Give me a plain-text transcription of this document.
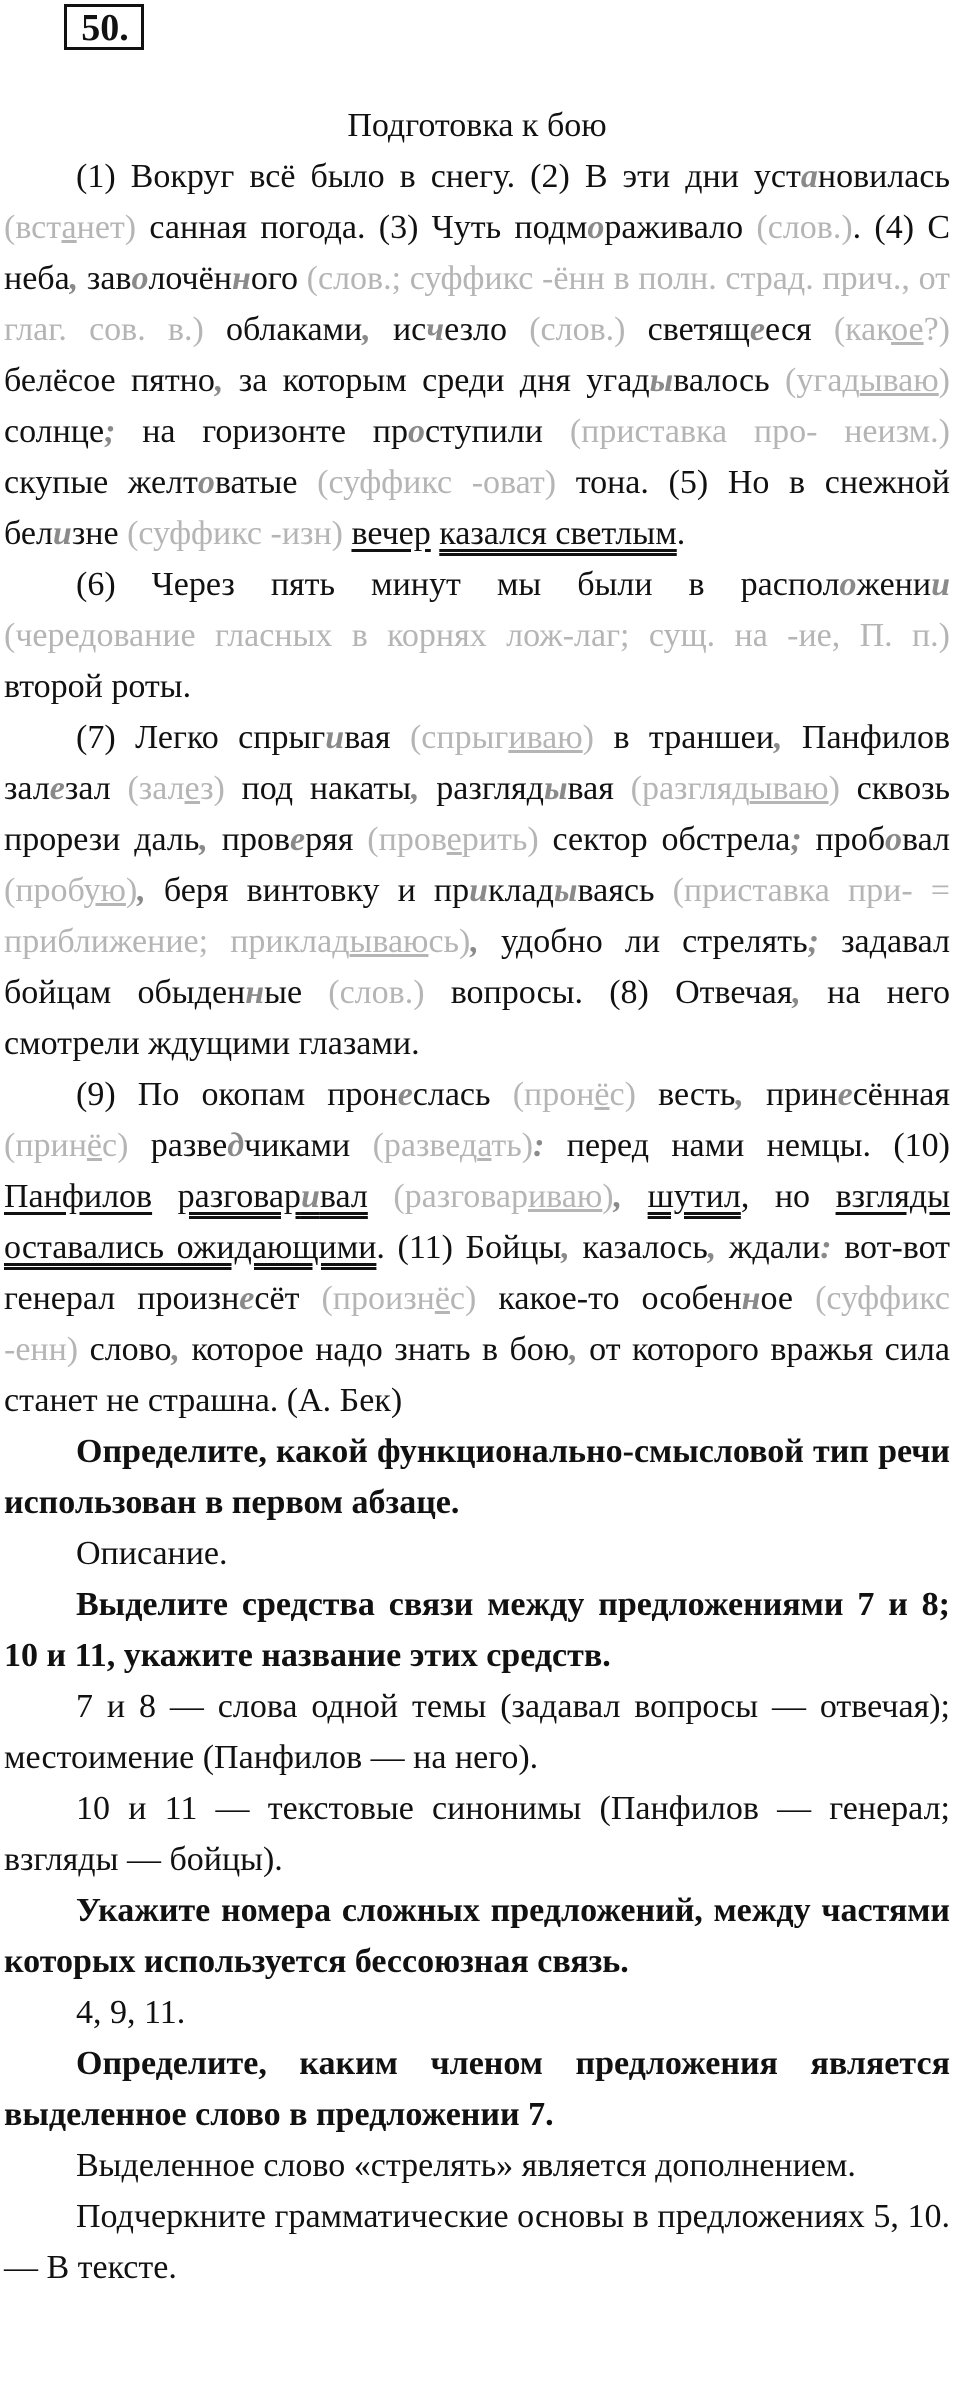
50.
Подготовка к бою

(1) Вокруг всё было в снегу. (2) В эти дни установилась (встанет) санная погода. (3) Чуть подмораживало (слов.). (4) С неба, заволочённого (слов.; суффикс -ённ в полн. страд. прич., от глаг. сов. в.) облаками, исчезло (слов.) светящееся (какое?) белёсое пятно, за которым среди дня угадывалось (угадываю) солнце; на горизонте проступили (приставка про- неизм.) скупые желтоватые (суффикс -оват) тона. (5) Но в снежной белизне (суффикс -изн) вечер казался светлым.

(6) Через пять минут мы были в расположении (чередование гласных в корнях лож-лаг; сущ. на -ие, П. п.) второй роты.

(7) Легко спрыгивая (спрыгиваю) в траншеи, Панфилов залезал (залез) под накаты, разглядывая (разглядываю) сквозь прорези даль, проверяя (проверить) сектор обстрела; пробовал (пробую), беря винтовку и прикладываясь (приставка при- = приближение; прикладываюсь), удобно ли стрелять; задавал бойцам обыденные (слов.) вопросы. (8) Отвечая, на него смотрели ждущими глазами.

(9) По окопам пронеслась (пронёс) весть, принесённая (принёс) разведчиками (разведать): перед нами немцы. (10) Панфилов разговаривал (разговариваю), шутил, но взгляды оставались ожидающими. (11) Бойцы, казалось, ждали: вот-вот генерал произнесёт (произнёс) какое-то особенное (суффикс -енн) слово, которое надо знать в бою, от которого вражья сила станет не страшна. (А. Бек)

Определите, какой функционально-смысловой тип речи использован в первом абзаце.

Описание.

Выделите средства связи между предложениями 7 и 8; 10 и 11, укажите название этих средств.

7 и 8 — слова одной темы (задавал вопросы — отвечая); местоимение (Панфилов — на него).

10 и 11 — текстовые синонимы (Панфилов — генерал; взгляды — бойцы).

Укажите номера сложных предложений, между частями которых используется бессоюзная связь.

4, 9, 11.

Определите, каким членом предложения является выделенное слово в предложении 7.

Выделенное слово «стрелять» является дополнением.

Подчеркните грамматические основы в предложениях 5, 10. — В тексте.
